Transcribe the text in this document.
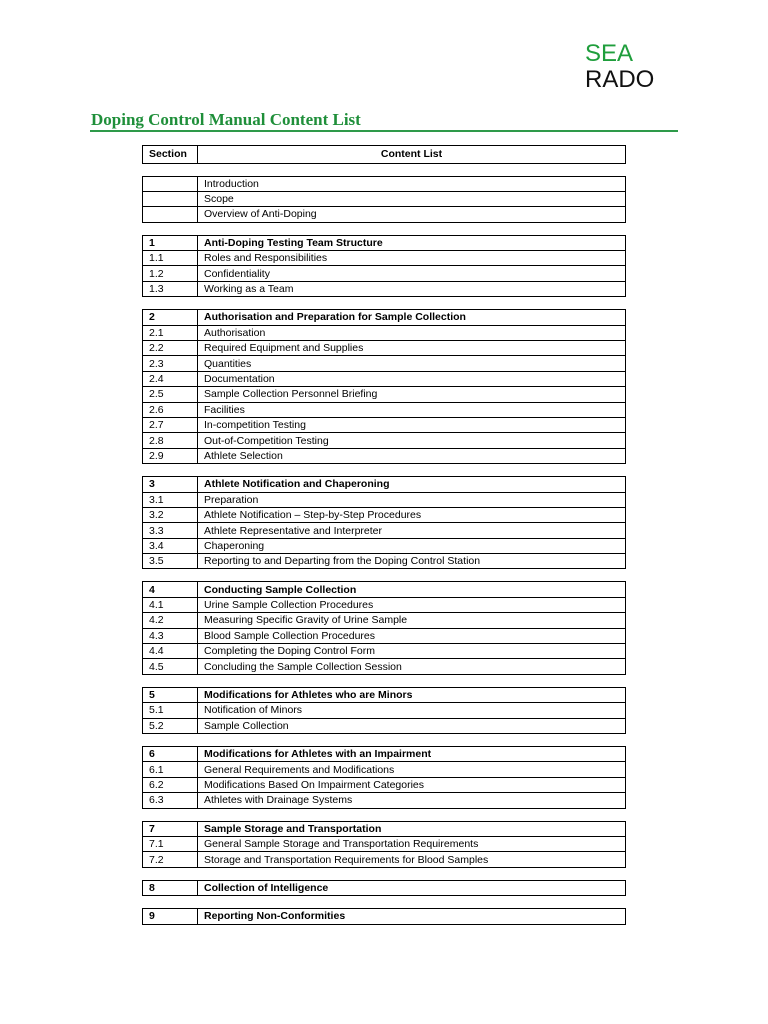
SEA
RADO
Doping Control Manual Content List
Section	Content List
	Introduction
	Scope
	Overview of Anti-Doping
1	Anti-Doping Testing Team Structure
1.1	Roles and Responsibilities
1.2	Confidentiality
1.3	Working as a Team
2	Authorisation and Preparation for Sample Collection
2.1	Authorisation
2.2	Required Equipment and Supplies
2.3	Quantities
2.4	Documentation
2.5	Sample Collection Personnel Briefing
2.6	Facilities
2.7	In-competition Testing
2.8	Out-of-Competition Testing
2.9	Athlete Selection
3	Athlete Notification and Chaperoning
3.1	Preparation
3.2	Athlete Notification – Step-by-Step Procedures
3.3	Athlete Representative and Interpreter
3.4	Chaperoning
3.5	Reporting to and Departing from the Doping Control Station
4	Conducting Sample Collection
4.1	Urine Sample Collection Procedures
4.2	Measuring Specific Gravity of Urine Sample
4.3	Blood Sample Collection Procedures
4.4	Completing the Doping Control Form
4.5	Concluding the Sample Collection Session
5	Modifications for Athletes who are Minors
5.1	Notification of Minors
5.2	Sample Collection
6	Modifications for Athletes with an Impairment
6.1	General Requirements and Modifications
6.2	Modifications Based On Impairment Categories
6.3	Athletes with Drainage Systems
7	Sample Storage and Transportation
7.1	General Sample Storage and Transportation Requirements
7.2	Storage and Transportation Requirements for Blood Samples
8	Collection of Intelligence
9	Reporting Non-Conformities
